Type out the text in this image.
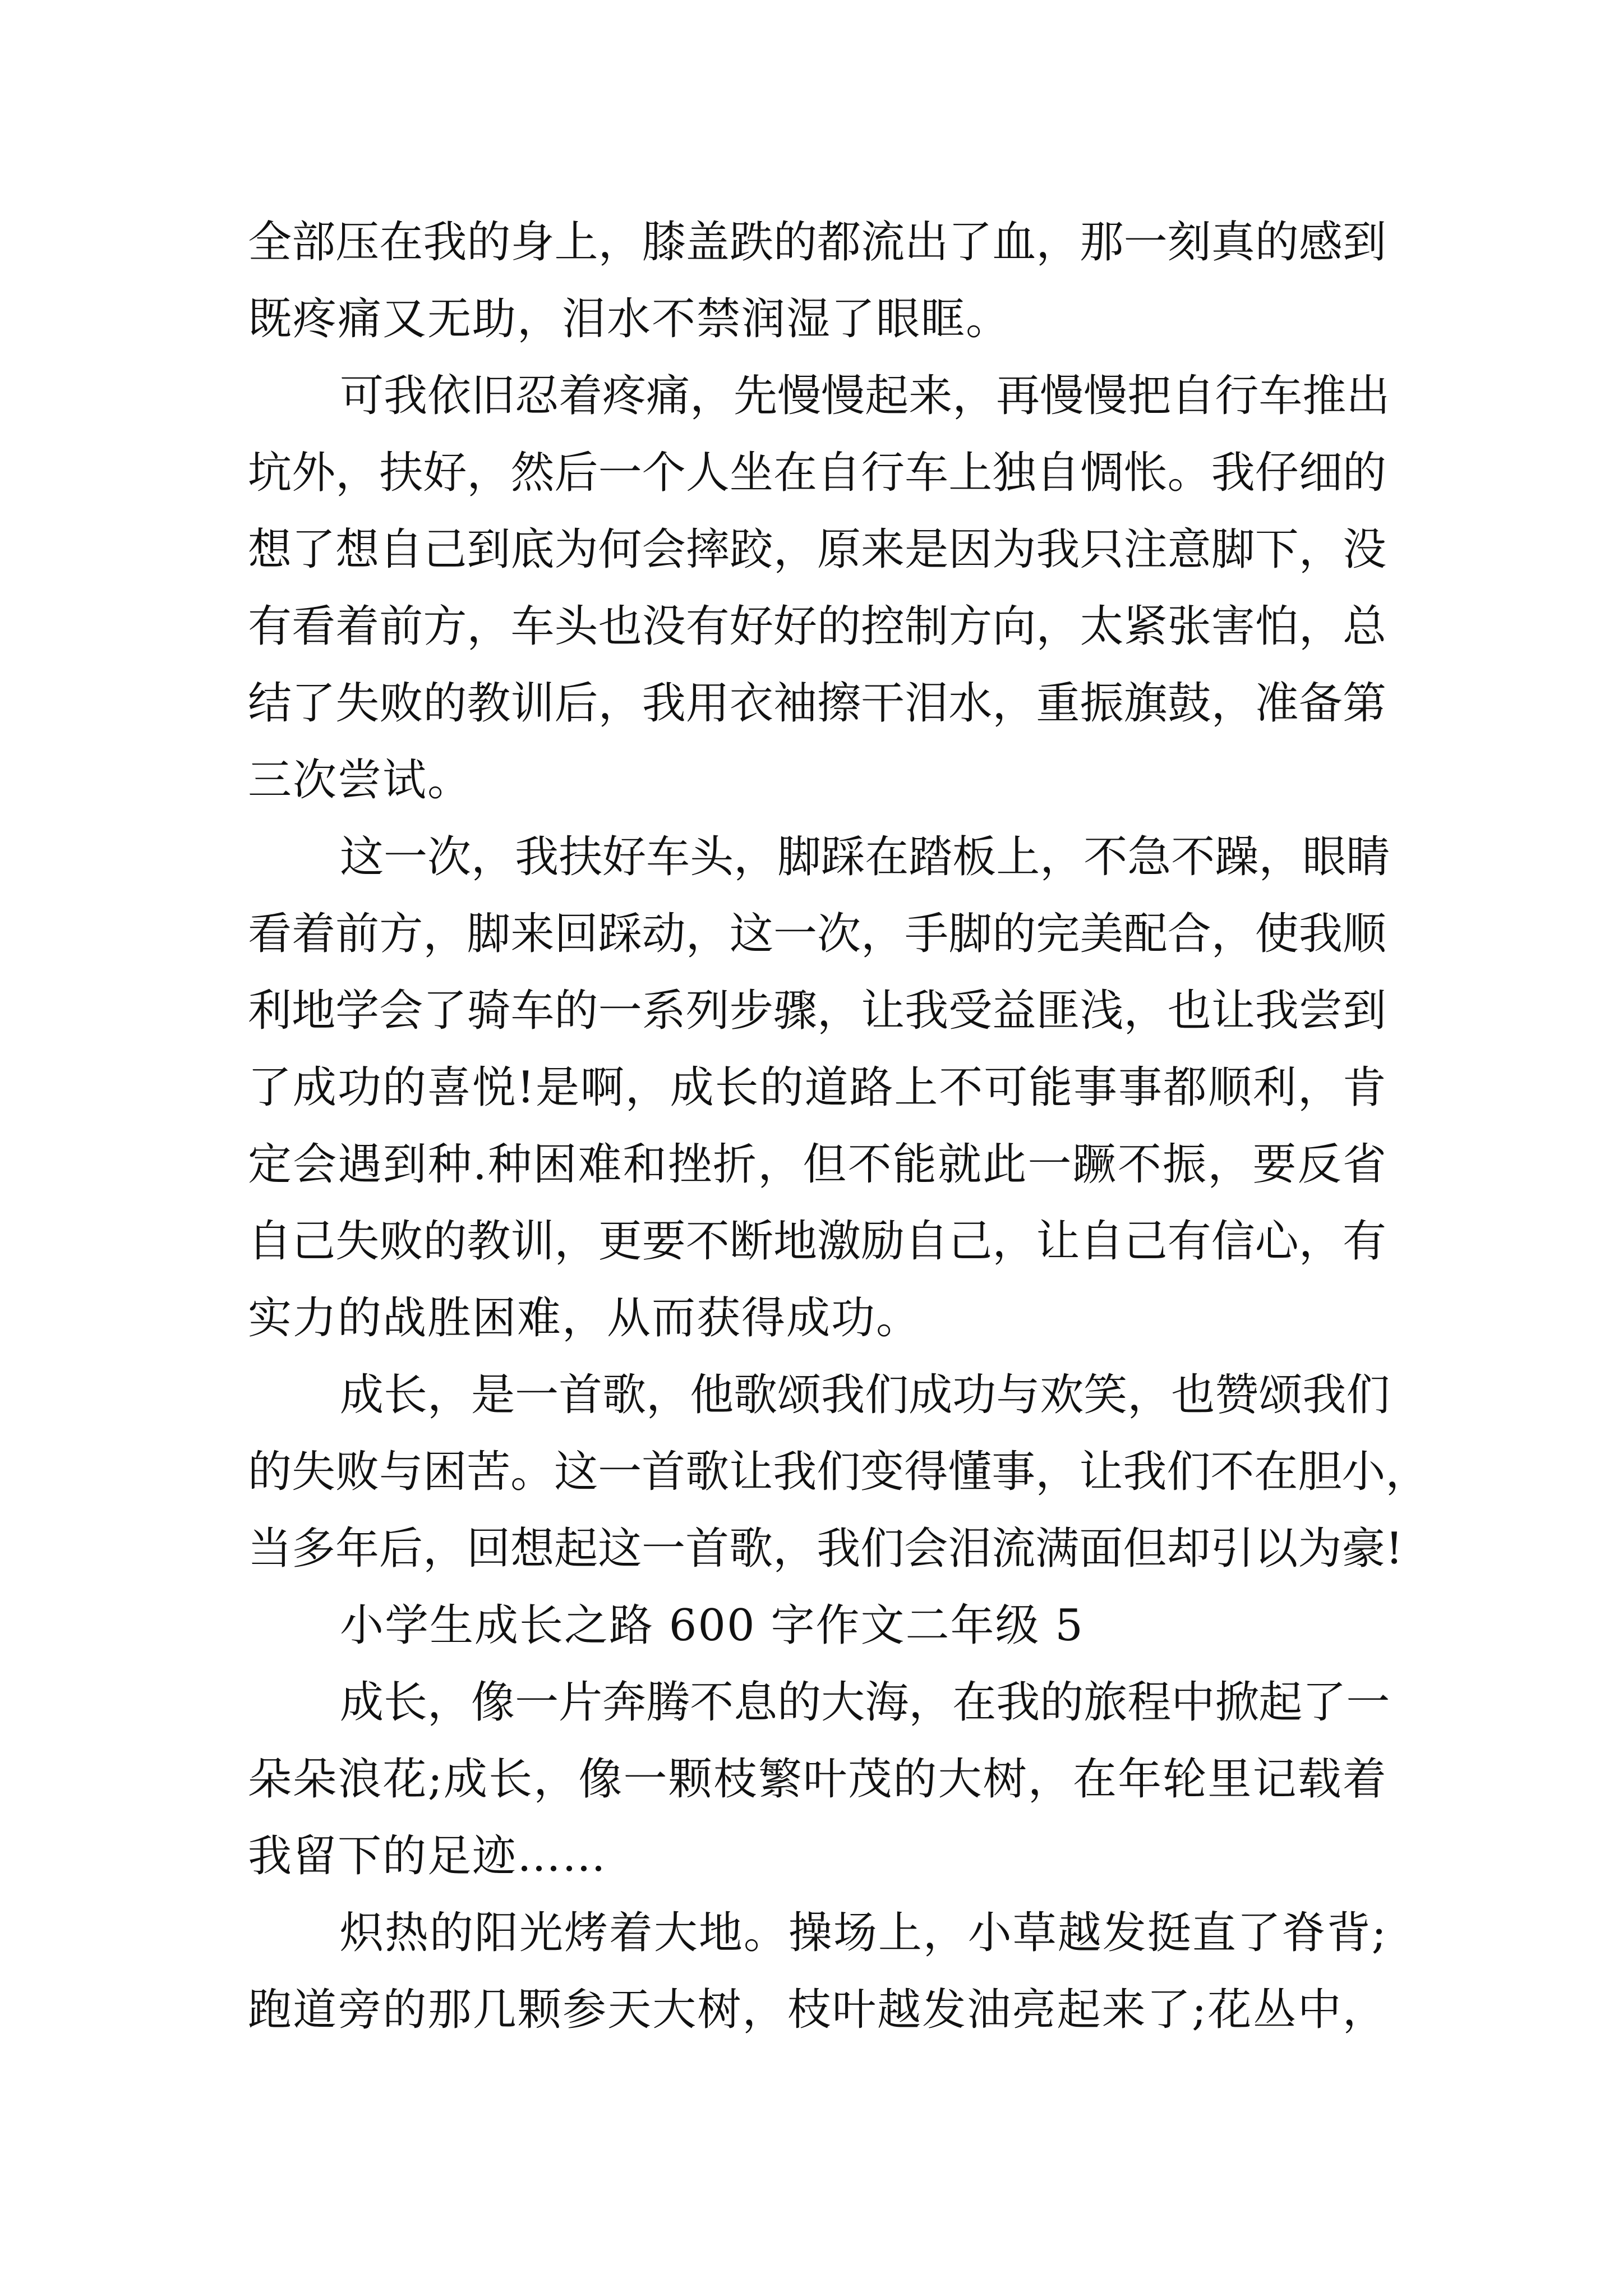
全 部 压 在 我 的 身 上 ， 膝 盖 跌 的 都 流 出 了 血 ， 那 一 刻 真 的 感 到
既疼痛又无助，泪水不禁润湿了眼眶。
可 我 依 旧 忍 着 疼 痛 ， 先 慢 慢 起 来 ， 再 慢 慢 把 自 行 车 推 出
坑 外 ， 扶 好 ， 然 后 一 个 人 坐 在 自 行 车 上 独 自 惆 怅 。 我 仔 细 的
想 了 想 自 己 到 底 为 何 会 摔 跤 ， 原 来 是 因 为 我 只 注 意 脚 下 ， 没
有 看 着 前 方 ， 车 头 也 没 有 好 好 的 控 制 方 向 ， 太 紧 张 害 怕 ， 总
结 了 失 败 的 教 训 后 ， 我 用 衣 袖 擦 干 泪 水 ， 重 振 旗 鼓 ， 准 备 第
三次尝试。
这 一 次 ， 我 扶 好 车 头 ， 脚 踩 在 踏 板 上 ， 不 急 不 躁 ， 眼 睛
看 着 前 方 ， 脚 来 回 踩 动 ， 这 一 次 ， 手 脚 的 完 美 配 合 ， 使 我 顺
利 地 学 会 了 骑 车 的 一 系 列 步 骤 ， 让 我 受 益 匪 浅 ， 也 让 我 尝 到
了 成 功 的 喜 悦 ! 是 啊 ， 成 长 的 道 路 上 不 可 能 事 事 都 顺 利 ， 肯
定 会 遇 到 种 . 种 困 难 和 挫 折 ， 但 不 能 就 此 一 蹶 不 振 ， 要 反 省
自 己 失 败 的 教 训 ， 更 要 不 断 地 激 励 自 己 ， 让 自 己 有 信 心 ， 有
实力的战胜困难，从而获得成功。
成 长 ， 是 一 首 歌 ， 他 歌 颂 我 们 成 功 与 欢 笑 ， 也 赞 颂 我 们
的 失 败 与 困 苦 。 这 一 首 歌 让 我 们 变 得 懂 事 ， 让 我 们 不 在 胆 小 ，
当 多 年 后 ， 回 想 起 这 一 首 歌 ， 我 们 会 泪 流 满 面 但 却 引 以 为 豪 !
小学生成长之路 600 字作文二年级 5
成 长 ， 像 一 片 奔 腾 不 息 的 大 海 ， 在 我 的 旅 程 中 掀 起 了 一
朵 朵 浪 花 ; 成 长 ， 像 一 颗 枝 繁 叶 茂 的 大 树 ， 在 年 轮 里 记 载 着
我留下的足迹……
炽 热 的 阳 光 烤 着 大 地 。 操 场 上 ， 小 草 越 发 挺 直 了 脊 背 ;
跑 道 旁 的 那 几 颗 参 天 大 树 ， 枝 叶 越 发 油 亮 起 来 了 ; 花 丛 中 ，
